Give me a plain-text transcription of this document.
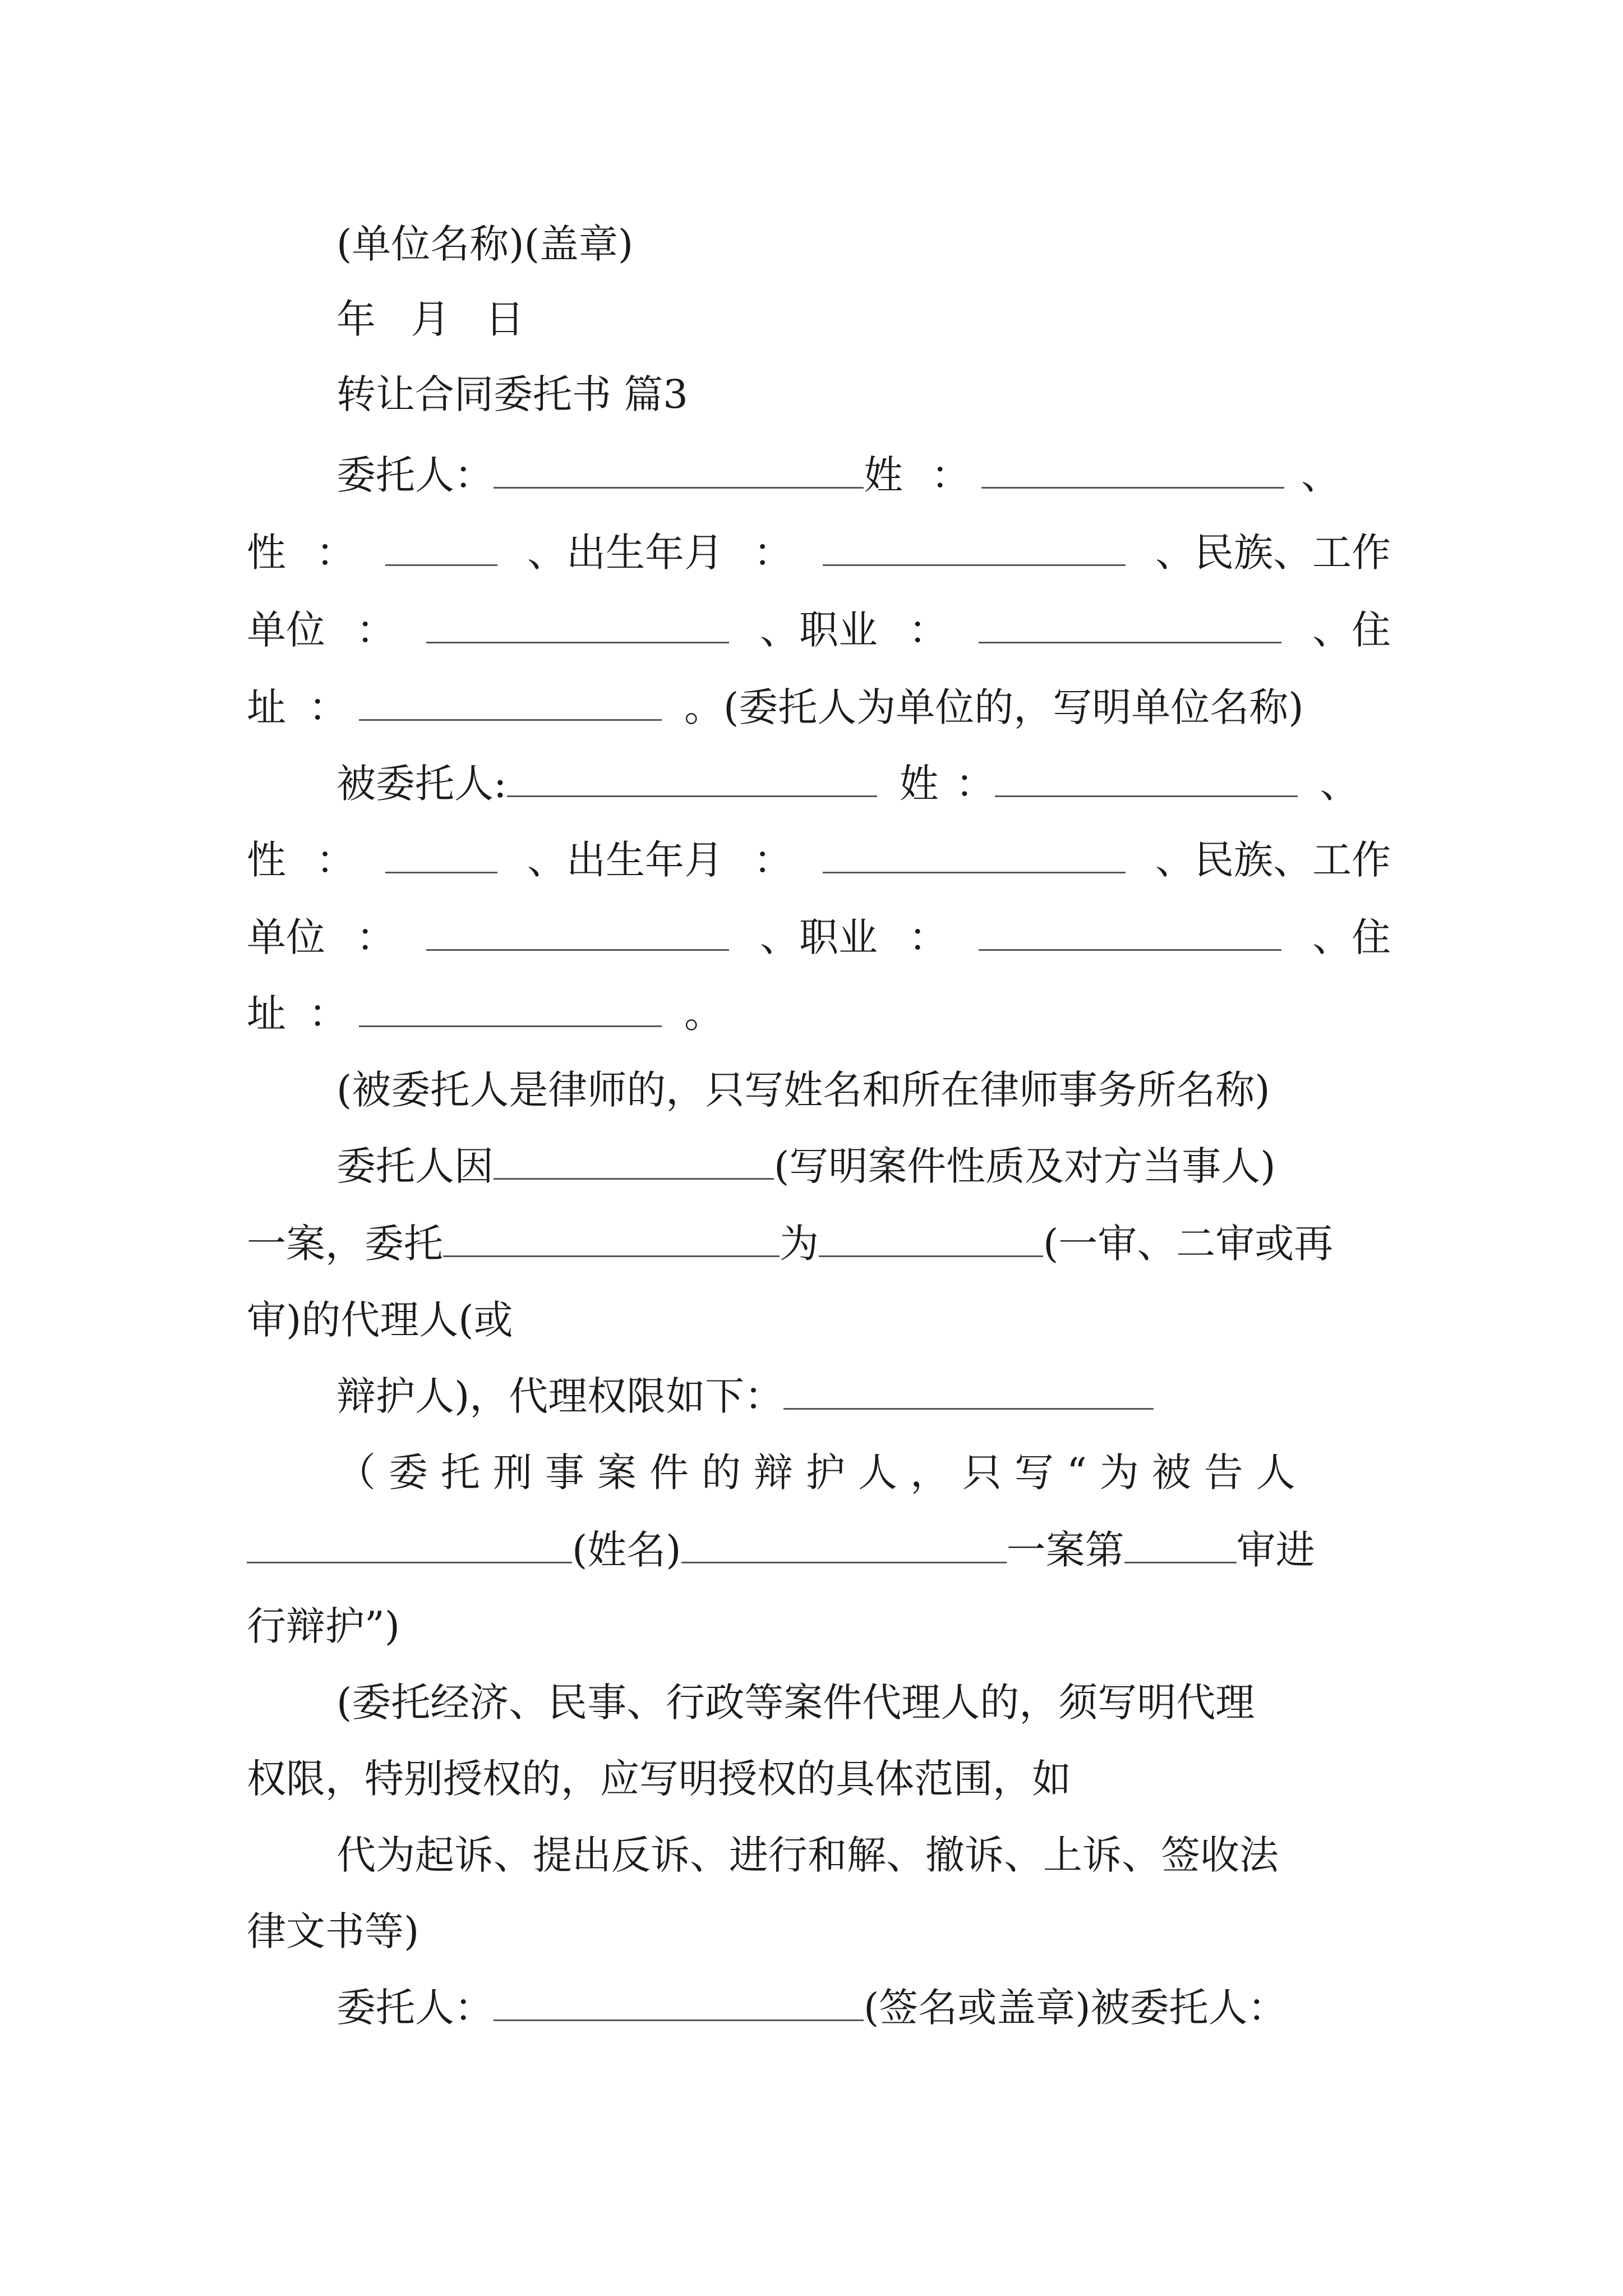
(单位名称)(盖章)
年  月  日
转让合同委托书 篇3
委托人：	姓 ：	、
性 ：	、出生年月 ：	、民族、工作
单位 ：	、职业 ：	、住
址 ：	。(委托人为单位的，写明单位名称)
被委托人:	姓 ：	、
性 ：	、出生年月 ：	、民族、工作
单位 ：	、职业 ：	、住
址 ：	。
(被委托人是律师的，只写姓名和所在律师事务所名称)
委托人因	(写明案件性质及对方当事人)
一案，委托	为	(一审、二审或再
审)的代理人(或
辩护人)，代理权限如下：
（委托刑事案件的辩护人，只写“为被告人
(姓名)	一案第	审进
行辩护”)
(委托经济、民事、行政等案件代理人的，须写明代理
权限，特别授权的，应写明授权的具体范围，如
代为起诉、提出反诉、进行和解、撤诉、上诉、签收法
律文书等)
委托人：	(签名或盖章)被委托人：
